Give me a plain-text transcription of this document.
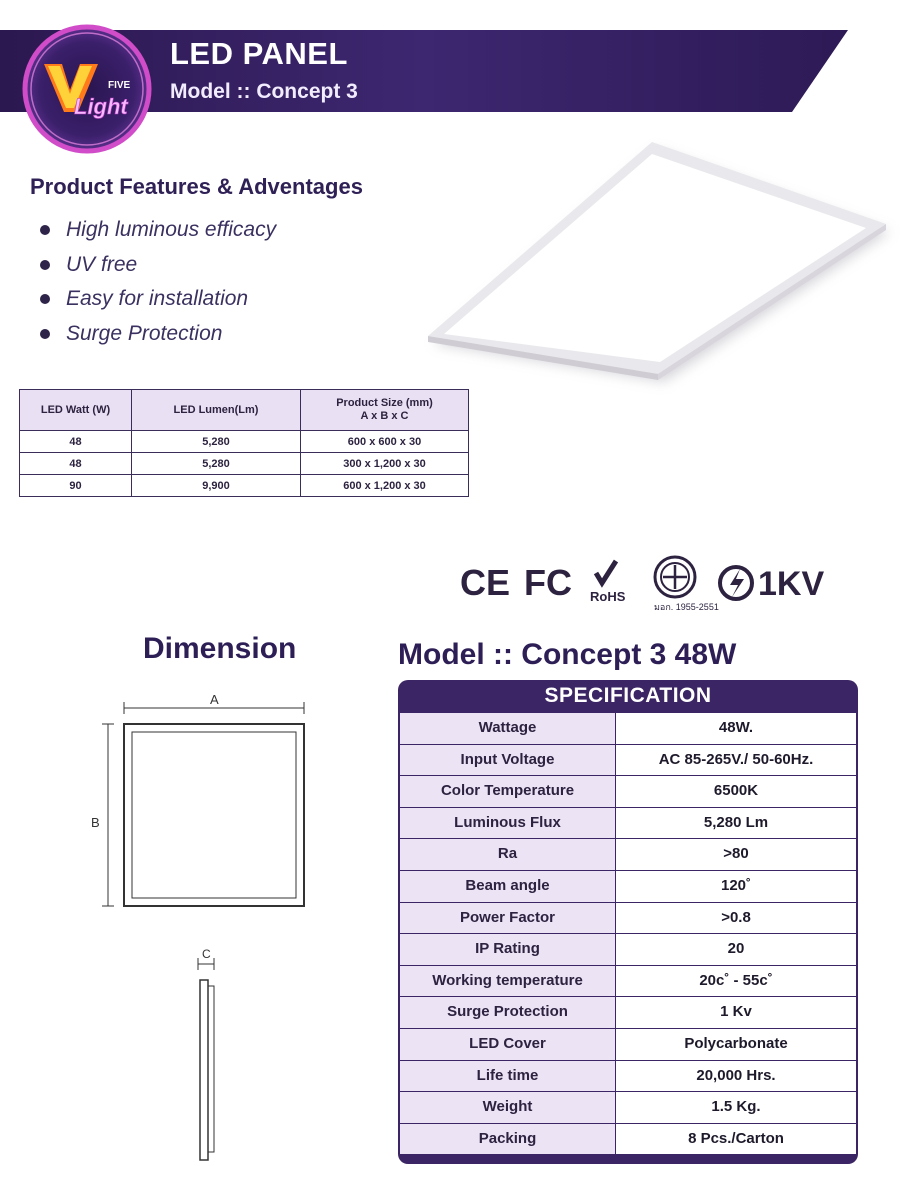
LED PANEL
Model :: Concept 3
FIVE
Light
Product Features & Adventages
High luminous efficacy
UV free
Easy for installation
Surge Protection
LED Watt (W)	LED Lumen(Lm)	Product Size (mm)
A x B x C

48	5,280	600 x 600 x 30
48	5,280	300 x 1,200 x 30
90	9,900	600 x 1,200 x 30
CE FC RoHS
มอก. 1955-2551
1KV
Dimension
A
B
C
Model :: Concept 3 48W
SPECIFICATION
Wattage	48W.
Input Voltage	AC 85-265V./ 50-60Hz.
Color Temperature	6500K
Luminous Flux	5,280 Lm
Ra	>80
Beam angle	120˚
Power Factor	>0.8
IP Rating	20
Working temperature	20c˚ - 55c˚
Surge Protection	1 Kv
LED Cover	Polycarbonate
Life time	20,000 Hrs.
Weight	1.5 Kg.
Packing	8 Pcs./Carton
